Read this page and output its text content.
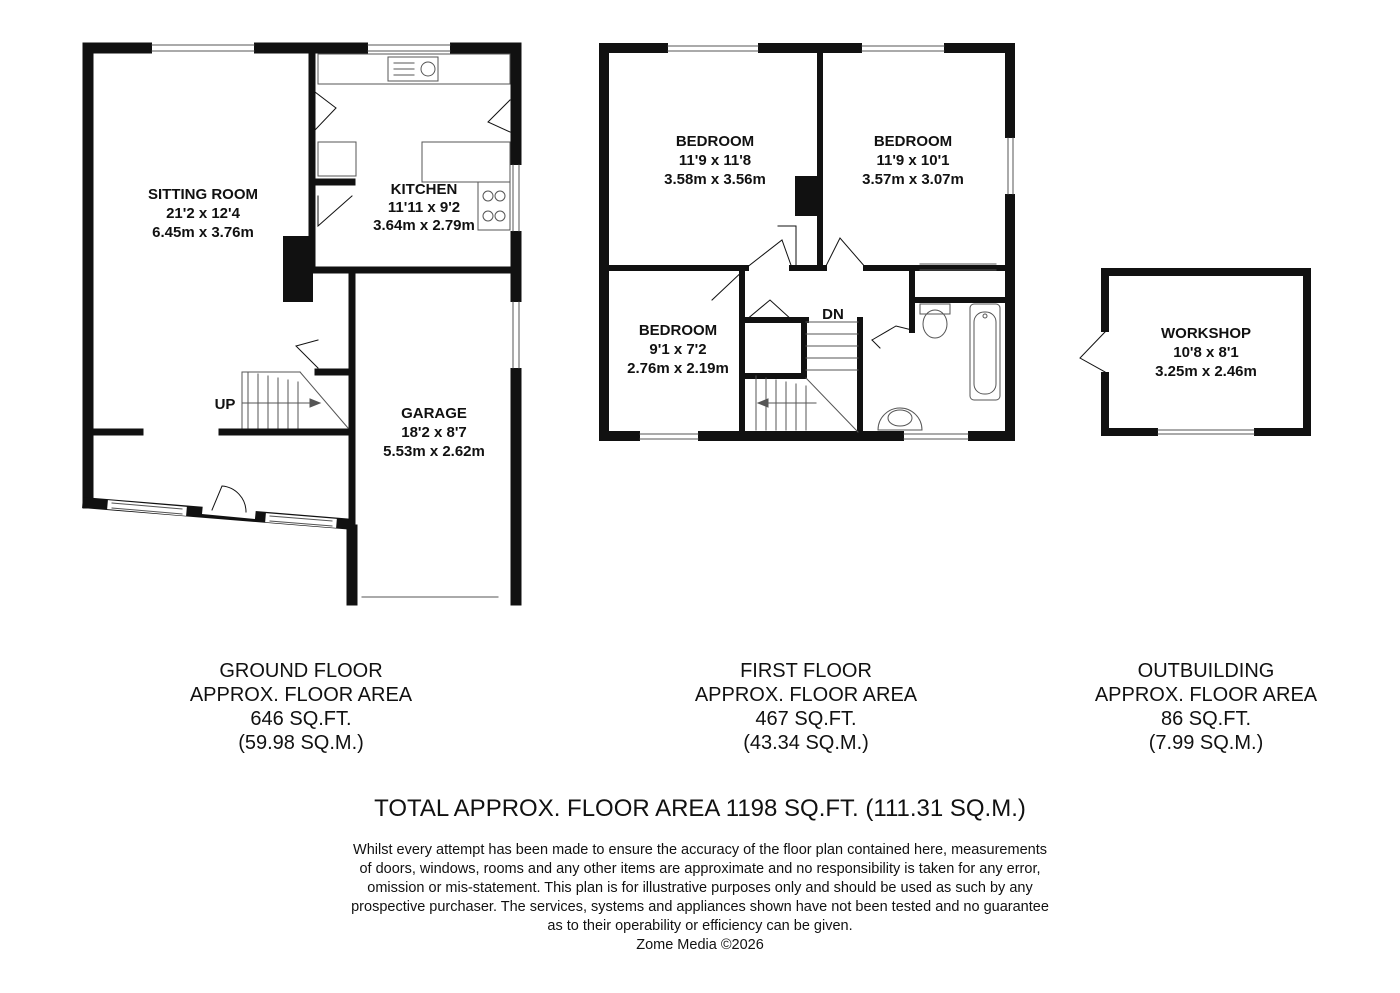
SITTING ROOM
21'2 x 12'4
6.45m x 3.76m
KITCHEN
11'11 x 9'2
3.64m x 2.79m
GARAGE
18'2 x 8'7
5.53m x 2.62m
BEDROOM
11'9 x 11'8
3.58m x 3.56m
BEDROOM
11'9 x 10'1
3.57m x 3.07m
BEDROOM
9'1 x 7'2
2.76m x 2.19m
WORKSHOP
10'8 x 8'1
3.25m x 2.46m
UP
DN
GROUND FLOOR
APPROX. FLOOR AREA
646 SQ.FT.
(59.98 SQ.M.)
FIRST FLOOR
APPROX. FLOOR AREA
467 SQ.FT.
(43.34 SQ.M.)
OUTBUILDING
APPROX. FLOOR AREA
86 SQ.FT.
(7.99 SQ.M.)
TOTAL APPROX. FLOOR AREA 1198 SQ.FT. (111.31 SQ.M.)
Whilst every attempt has been made to ensure the accuracy of the floor plan contained here, measurements
of doors, windows, rooms and any other items are approximate and no responsibility is taken for any error,
omission or mis-statement. This plan is for illustrative purposes only and should be used as such by any
prospective purchaser. The services, systems and appliances shown have not been tested and no guarantee
as to their operability or efficiency can be given.
Zome Media ©2026
